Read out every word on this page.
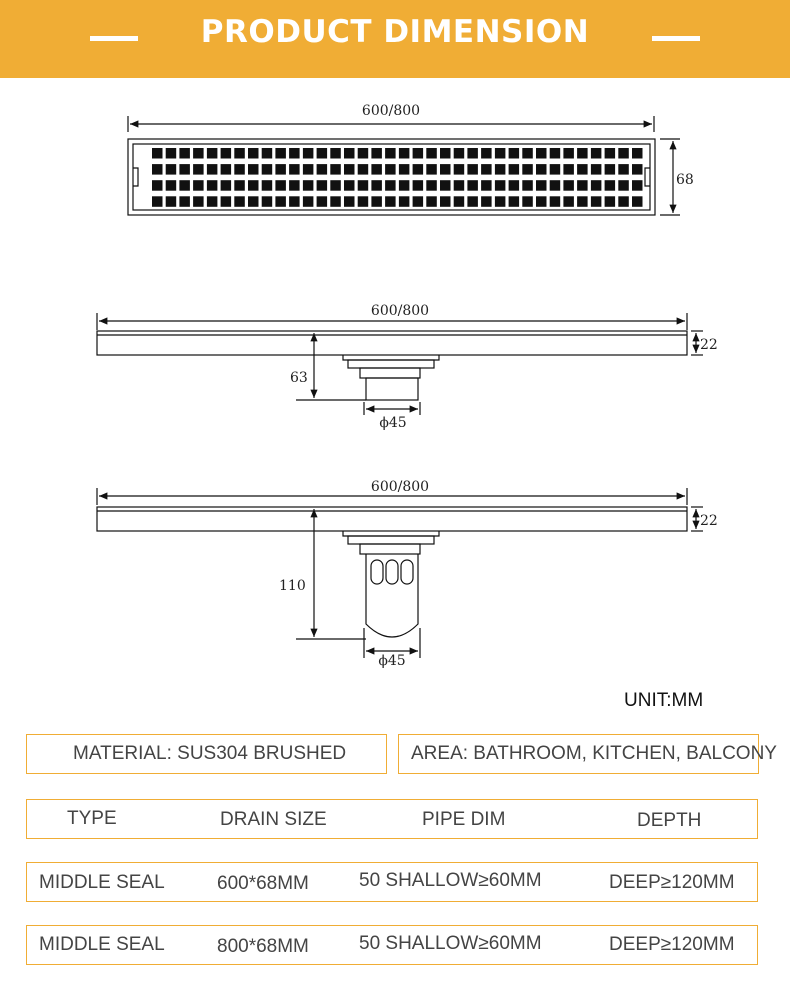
PRODUCT DIMENSION
600/800
68
600/800
22
63
ϕ45
600/800
22
110
ϕ45
UNIT:MM
MATERIAL: SUS304 BRUSHED	AREA: BATHROOM, KITCHEN, BALCONY
TYPE	DRAIN SIZE	PIPE DIM	DEPTH
MIDDLE SEAL	600*68MM	50 SHALLOW≥60MM	DEEP≥120MM
MIDDLE SEAL	800*68MM	50 SHALLOW≥60MM	DEEP≥120MM
